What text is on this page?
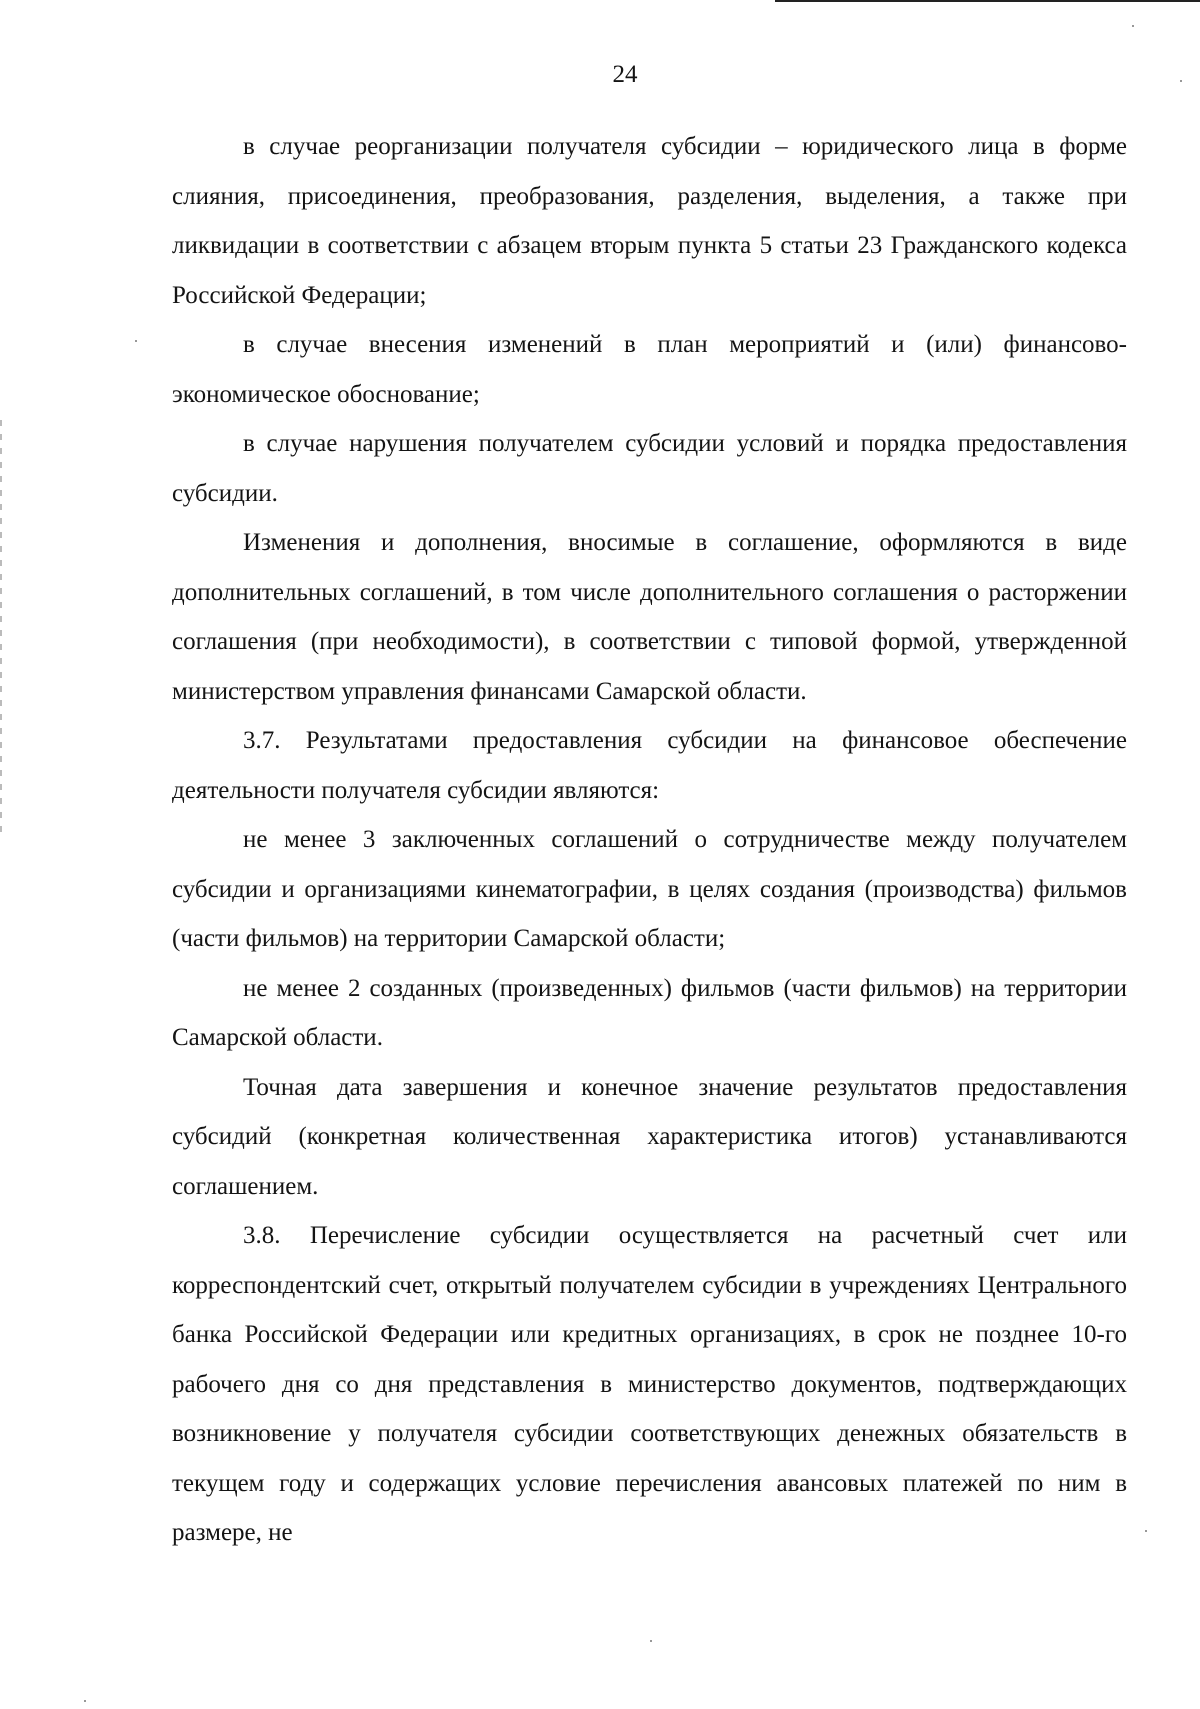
24

в случае реорганизации получателя субсидии – юридического лица в форме слияния, присоединения, преобразования, разделения, выделения, а также при ликвидации в соответствии с абзацем вторым пункта 5 статьи 23 Гражданского кодекса Российской Федерации;

в случае внесения изменений в план мероприятий и (или) финансово-экономическое обоснование;

в случае нарушения получателем субсидии условий и порядка предоставления субсидии.

Изменения и дополнения, вносимые в соглашение, оформляются в виде дополнительных соглашений, в том числе дополнительного соглашения о расторжении соглашения (при необходимости), в соответствии с типовой формой, утвержденной министерством управления финансами Самарской области.

3.7. Результатами предоставления субсидии на финансовое обеспечение деятельности получателя субсидии являются:

не менее 3 заключенных соглашений о сотрудничестве между получателем субсидии и организациями кинематографии, в целях создания (производства) фильмов (части фильмов) на территории Самарской области;

не менее 2 созданных (произведенных) фильмов (части фильмов) на территории Самарской области.

Точная дата завершения и конечное значение результатов предоставления субсидий (конкретная количественная характеристика итогов) устанавливаются соглашением.

3.8. Перечисление субсидии осуществляется на расчетный счет или корреспондентский счет, открытый получателем субсидии в учреждениях Центрального банка Российской Федерации или кредитных организациях, в срок не позднее 10-го рабочего дня со дня представления в министерство документов, подтверждающих возникновение у получателя субсидии соответствующих денежных обязательств в текущем году и содержащих условие перечисления авансовых платежей по ним в размере, не
